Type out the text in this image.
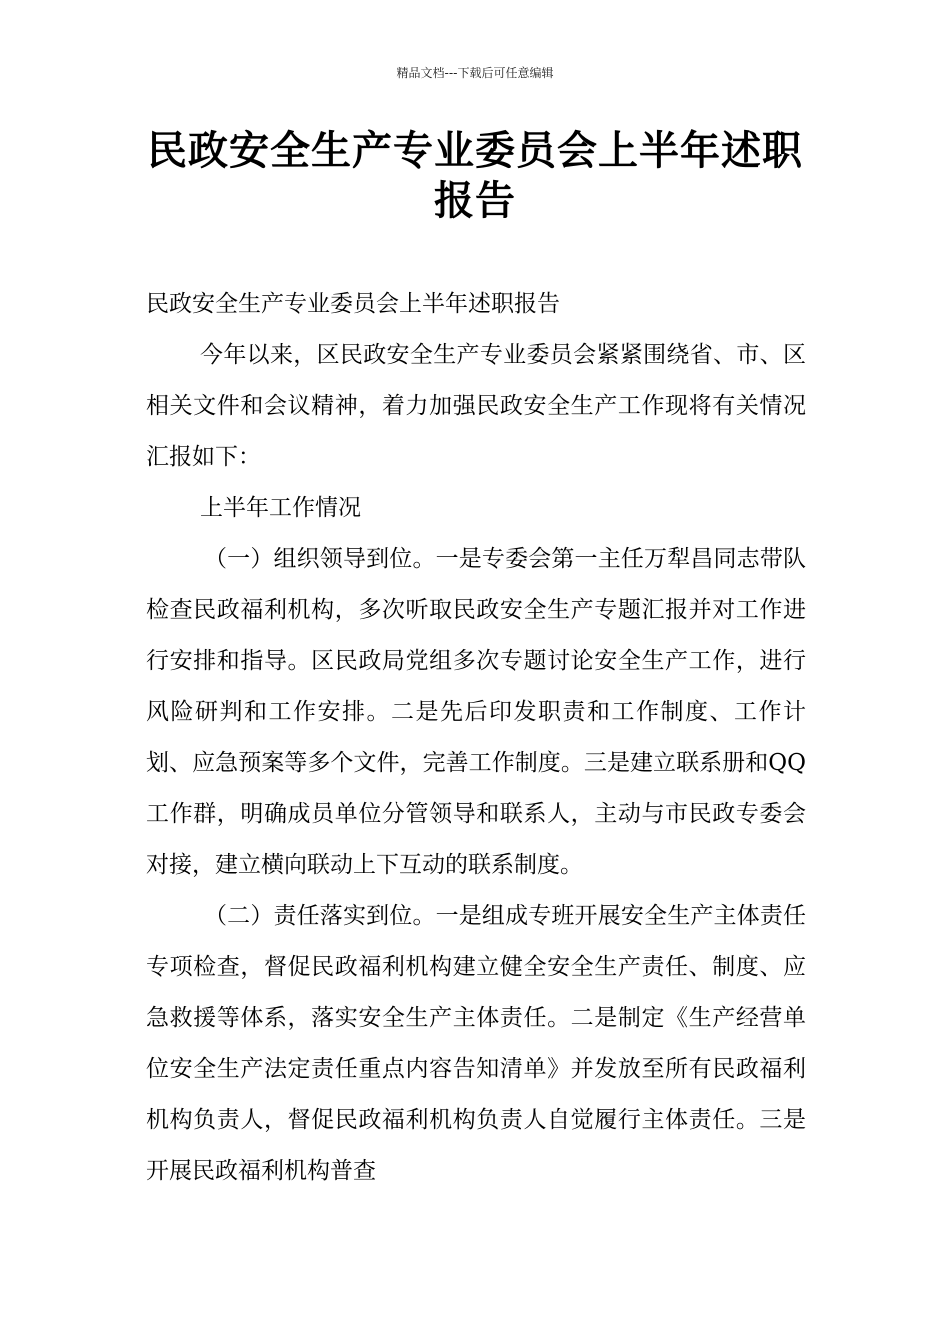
精品文档---下载后可任意编辑
民政安全生产专业委员会上半年述职报告

民政安全生产专业委员会上半年述职报告

今年以来，区民政安全生产专业委员会紧紧围绕省、市、区相关文件和会议精神，着力加强民政安全生产工作现将有关情况汇报如下：

上半年工作情况

（一）组织领导到位。一是专委会第一主任万犁昌同志带队检查民政福利机构，多次听取民政安全生产专题汇报并对工作进行安排和指导。区民政局党组多次专题讨论安全生产工作，进行风险研判和工作安排。二是先后印发职责和工作制度、工作计划、应急预案等多个文件，完善工作制度。三是建立联系册和QQ工作群，明确成员单位分管领导和联系人，主动与市民政专委会对接，建立横向联动上下互动的联系制度。

（二）责任落实到位。一是组成专班开展安全生产主体责任专项检查，督促民政福利机构建立健全安全生产责任、制度、应急救援等体系，落实安全生产主体责任。二是制定《生产经营单位安全生产法定责任重点内容告知清单》并发放至所有民政福利机构负责人，督促民政福利机构负责人自觉履行主体责任。三是开展民政福利机构普查
